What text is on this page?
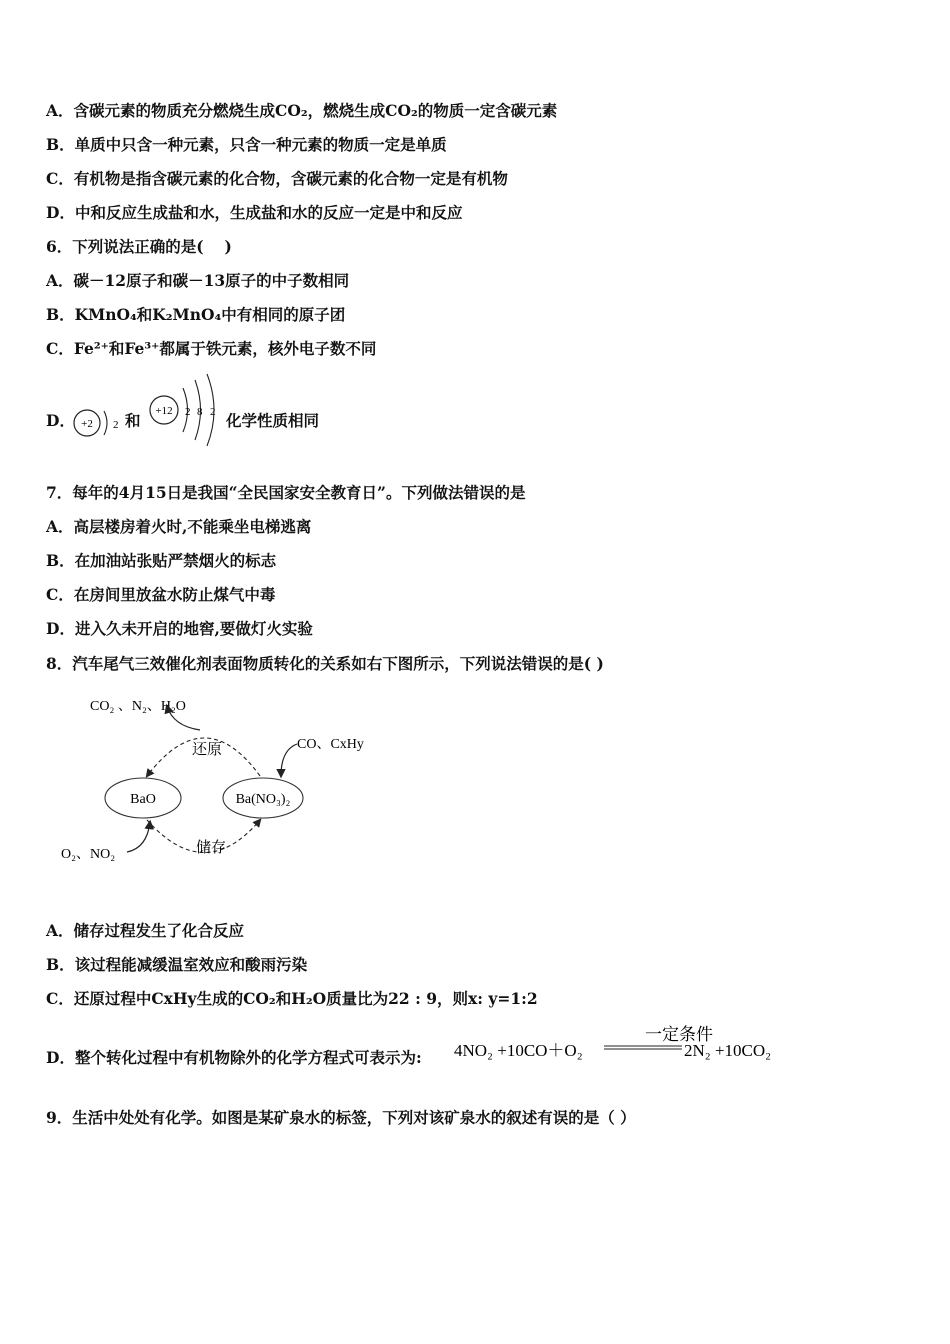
A．含碳元素的物质充分燃烧生成CO₂，燃烧生成CO₂的物质一定含碳元素
B．单质中只含一种元素，只含一种元素的物质一定是单质
C．有机物是指含碳元素的化合物，含碳元素的化合物一定是有机物
D．中和反应生成盐和水，生成盐和水的反应一定是中和反应
6．下列说法正确的是(　 )
A．碳－12原子和碳－13原子的中子数相同
B．KMnO₄和K₂MnO₄中有相同的原子团
C．Fe²⁺和Fe³⁺都属于铁元素，核外电子数不同
D． +2 2 和 +12 2 8 2 化学性质相同
7．每年的4月15日是我国“全民国家安全教育日”。下列做法错误的是
A．高层楼房着火时,不能乘坐电梯逃离
B．在加油站张贴严禁烟火的标志
C．在房间里放盆水防止煤气中毒
D．进入久未开启的地窖,要做灯火实验
8．汽车尾气三效催化剂表面物质转化的关系如右下图所示，下列说法错误的是( )
CO₂ 、N₂、H₂O
CO、CxHy
BaO	Ba(NO₃)₂
还原
储存
O₂、NO₂
A．储存过程发生了化合反应
B．该过程能减缓温室效应和酸雨污染
C．还原过程中CxHy生成的CO₂和H₂O质量比为22 : 9，则x: y=1:2
D．整个转化过程中有机物除外的化学方程式可表示为: 4NO₂ +10CO＋O₂
一定条件
2N₂ +10CO₂
9．生活中处处有化学。如图是某矿泉水的标签，下列对该矿泉水的叙述有误的是（ ）
